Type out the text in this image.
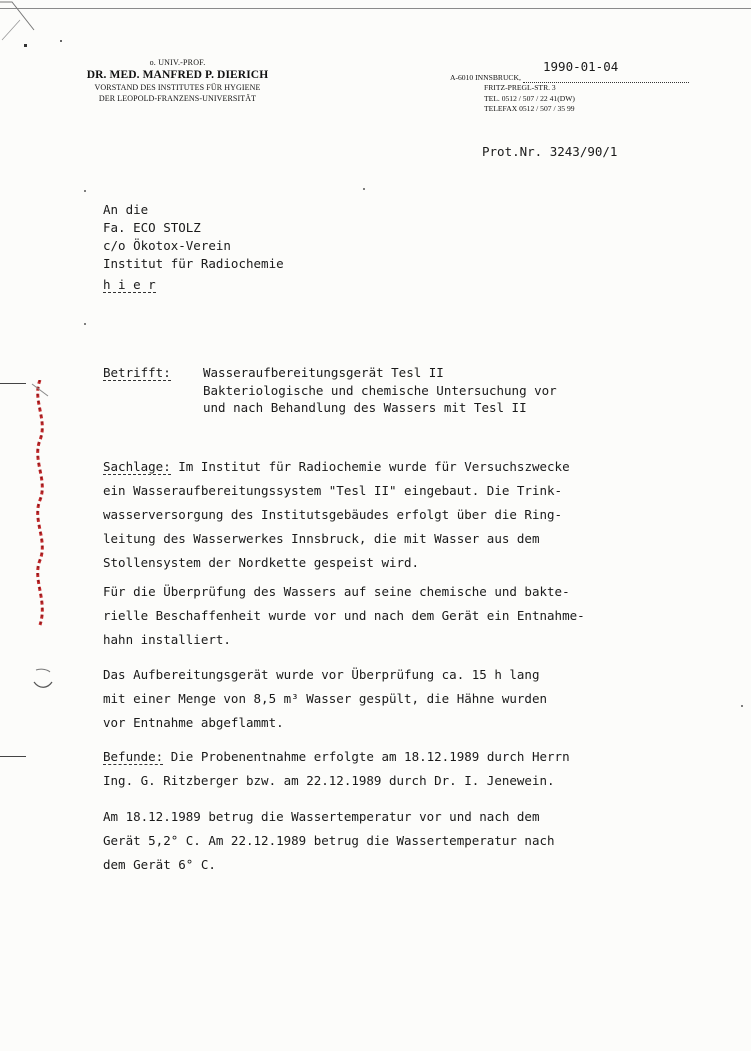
o. UNIV.-PROF.
DR. MED. MANFRED P. DIERICH
VORSTAND DES INSTITUTES FÜR HYGIENE
DER LEOPOLD-FRANZENS-UNIVERSITÄT
1990-01-04
A-6010 INNSBRUCK,
FRITZ-PREGL-STR. 3
TEL. 0512 / 507 / 22 41(DW)
TELEFAX 0512 / 507 / 35 99
Prot.Nr. 3243/90/1
An die
Fa. ECO STOLZ
c/o Ökotox-Verein
Institut für Radiochemie
h i e r
Betrifft:	Wasseraufbereitungsgerät Tesl II
Bakteriologische und chemische Untersuchung vor
und nach Behandlung des Wassers mit Tesl II
Sachlage: Im Institut für Radiochemie wurde für Versuchszwecke
ein Wasseraufbereitungssystem "Tesl II" eingebaut. Die Trink-
wasserversorgung des Institutsgebäudes erfolgt über die Ring-
leitung des Wasserwerkes Innsbruck, die mit Wasser aus dem
Stollensystem der Nordkette gespeist wird.
Für die Überprüfung des Wassers auf seine chemische und bakte-
rielle Beschaffenheit wurde vor und nach dem Gerät ein Entnahme-
hahn installiert.
Das Aufbereitungsgerät wurde vor Überprüfung ca. 15 h lang
mit einer Menge von 8,5 m³ Wasser gespült, die Hähne wurden
vor Entnahme abgeflammt.
Befunde: Die Probenentnahme erfolgte am 18.12.1989 durch Herrn
Ing. G. Ritzberger bzw. am 22.12.1989 durch Dr. I. Jenewein.
Am 18.12.1989 betrug die Wassertemperatur vor und nach dem
Gerät 5,2° C. Am 22.12.1989 betrug die Wassertemperatur nach
dem Gerät 6° C.
